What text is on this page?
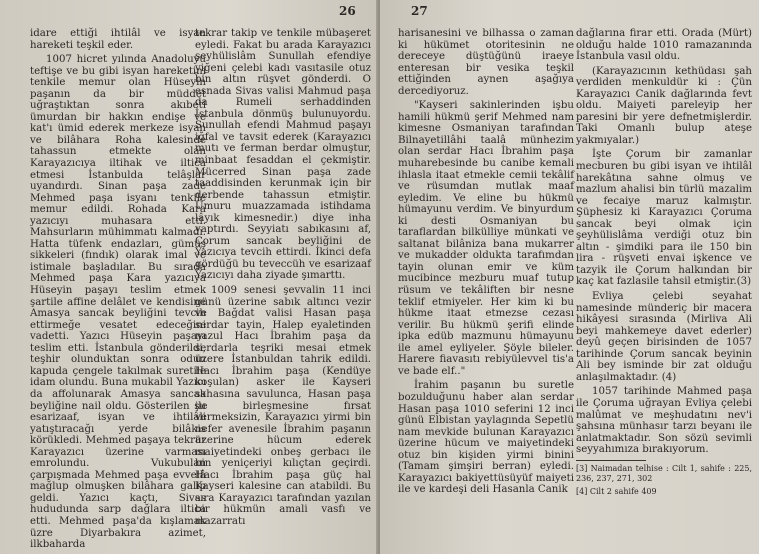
26

idare ettiği ihtilâl ve isyan hareketi teşkil eder.

1007 hicret yılında Anadoluyu teftişe ve bu gibi isyan hareketini tenkile memur olan Hüseyin paşanın da bir müddet uğraştıktan sonra akıbeti ümurdan bir hakkın endişe ve kat'ı ümid ederek merkeze isyan ve bilâhara Roha kalesinde tahassun etmekte olan Karayazıcıya iltihak ve iltica etmesi İstanbulda telâşlar uyandırdı. Sinan paşa zade Mehmed paşa isyanı tenkile memur edildi. Rohada Kara yazıcıyı muhasara etti. Mahsurların mühimmatı kalmadı. Hatta tüfenk endazları, gümüş sikkeleri (fındık) olarak imal ve istimale başladılar. Bu sırada Mehmed paşa Kara yazıcıya Hüseyin paşayı teslim etmek şartile affine delâlet ve kendisine Amasya sancak beyliğini tevcih ettirmeğe vesatet edeceğini vadetti. Yazıcı Hüseyin paşayı teslim etti. İstanbula gönderildi, teşhir olunduktan sonra odun kapuda çengele takılmak suretile idam olundu. Buna mukabil Yazıcı da affolunarak Amasya sancak beyliğine nail oldu. Gösterilen şu esarizaaf, isyan ve ihtilâli yatıştıracağı yerde bilâkis körükledi. Mehmed paşaya tekrar Karayazıcı üzerine varması emrolundu. Vukubulan çarpışmada Mehmed paşa evvelâ mağlup olmuşken bilâhara galip geldi. Yazıcı kaçtı, Sivas hududunda sarp dağlara iltica etti. Mehmed paşa'da kışlamak üzre Diyarbakıra azimet, ilkbaharda

tekrar takip ve tenkile mübaşeret eyledi. Fakat bu arada Karayazıcı şeyhülislâm Sunullah efendiye yiğeni çelebi kadı vasıtasile otuz bin altın rüşvet gönderdi. O esnada Sivas valisi Mahmud paşa da Rumeli serhaddinden İstanbula dönmüş bulunuyordu. Sunullah efendi Mahmud paşayı iğfal ve tavsit ederek (Karayazıcı mutı ve ferman berdar olmuştur, minbaat fesaddan el çekmiştir. Mücerred Sinan paşa zade taaddisinden kerunmak için bir derbende tahassun etmiştir. Ümuru muazzamada istihdama lâyık kimesnedir.) diye inha yaptırdı. Seyyiatı sabıkasını af, Çorum sancak beyliğini de Yazıcıya tevcih ettirdi. İkinci defa gördüğü bu teveccüh ve esarizaaf Yazıcıyı daha ziyade şımarttı.

1009 senesi şevvalin 11 inci günü üzerine sabık altıncı vezir ve Bağdat valisi Hasan paşa serdar tayin, Halep eyaletinden nazul Hacı İbrahim paşa da serdarla teşriki mesai etmek üzere İstanbuldan tahrik edildi. Hacı İbrahim paşa (Kendüye koşulan) asker ile Kayseri sahasına savulunca, Hasan paşa ile birleşmesine fırsat vermeksizin, Karayazıcı yirmi bin nefer avenesile İbrahim paşanın üzerine hücum ederek maiyetindeki onbeş gerbacı ile bin yeniçeriyi kılıçtan geçirdi. Hacı İbrahim paşa güç hal Kayseri kalesine can atabildi. Bu sıra Karayazıcı tarafından yazılan bir hükmün amali vasfı ve mazarratı

27

harisanesini ve bilhassa o zaman ki hükümet otoritesinin ne dereceye düştüğünü iraeye enteresan bir vesika teşkil ettiğinden aynen aşağıya dercediyoruz.

"Kayseri sakinlerinden işbu hamili hükmü şerif Mehmed nam kimesne Osmaniyan tarafından Bilnayetillâhi taalâ münhezim olan serdar Hacı İbrahim paşa muharebesinde bu canibe kemali ihlasla itaat etmekle cemii tekâlif ve rüsumdan mutlak maaf eyledim. Ve eline bu hükmü hümayunu verdim. Ve binyurdum ki desti Osmaniyan bu taraflardan bilkülliye münkati ve saltanat bilâniza bana mukarrer ve mukadder oldukta tarafımdan tayin olunan emir ve küm mucibince mezburu muaf tutup rüsum ve tekâliften bir nesne teklif etmiyeler. Her kim ki bu hükme itaat etmezse cezası verilir. Bu hükmü şerifi elinde ipka edüb mazmunu hümayunu ile amel eyliyeler. Şöyle bileler. Harere fiavasıtı rebiyülevvel tis'a ve bade elf.."

İrahim paşanın bu suretle bozulduğunu haber alan serdar Hasan paşa 1010 seferini 12 inci günü Elbistan yaylagında Sepetlü nam mevkide bulunan Karayazıcı üzerine hücum ve maiyetindeki otuz bin kişiden yirmi binini (Tamam şimşiri berran) eyledi. Karayazıcı bakiyettüsüyüf maiyeti ile ve kardeşi deli Hasanla Canik

dağlarına firar etti. Orada (Mürt) olduğu halde 1010 ramazanında İstanbula vasıl oldu.

(Karayazıcının kethüdası şah verdiden menkuldür ki : Çün Karayazıcı Canik dağlarında fevt oldu. Maiyeti pareleyip her paresini bir yere defnetmişlerdir. Taki Omanlı bulup ateşe yakmıyalar.)

İşte Çorum bir zamanlar mecburen bu gibi isyan ve ihtilâl harekâtına sahne olmuş ve mazlum ahalisi bin türlü mazalim ve fecaiye maruz kalmıştır. Şüphesiz ki Karayazıcı Çoruma sancak beyi olmak için şeyhülislâma verdiği otuz bin altın - şimdiki para ile 150 bin lira - rüşveti envai işkence ve tazyik ile Çorum halkından bir kaç kat fazlasile tahsil etmiştir.(3)

Evliya çelebi seyahat namesinde münderiç bir macera hikâyesi sırasında (Mirliva Ali beyi mahkemeye davet ederler) deyû geçen birisinden de 1057 tarihinde Çorum sancak beyinin Ali bey isminde bir zat olduğu anlaşılmaktadır. (4)

1057 tarihinde Mahmed paşa ile Çoruma uğrayan Evliya çelebi malûmat ve meşhudatını nev'i şahsına münhasır tarzı beyanı ile anlatmaktadır. Son sözü sevimli seyyahımıza bırakıyorum.

[3] Naimadan telhise : Cilt 1, sahife : 225, 236, 237, 271, 302
[4] Cilt 2 sahife 409
